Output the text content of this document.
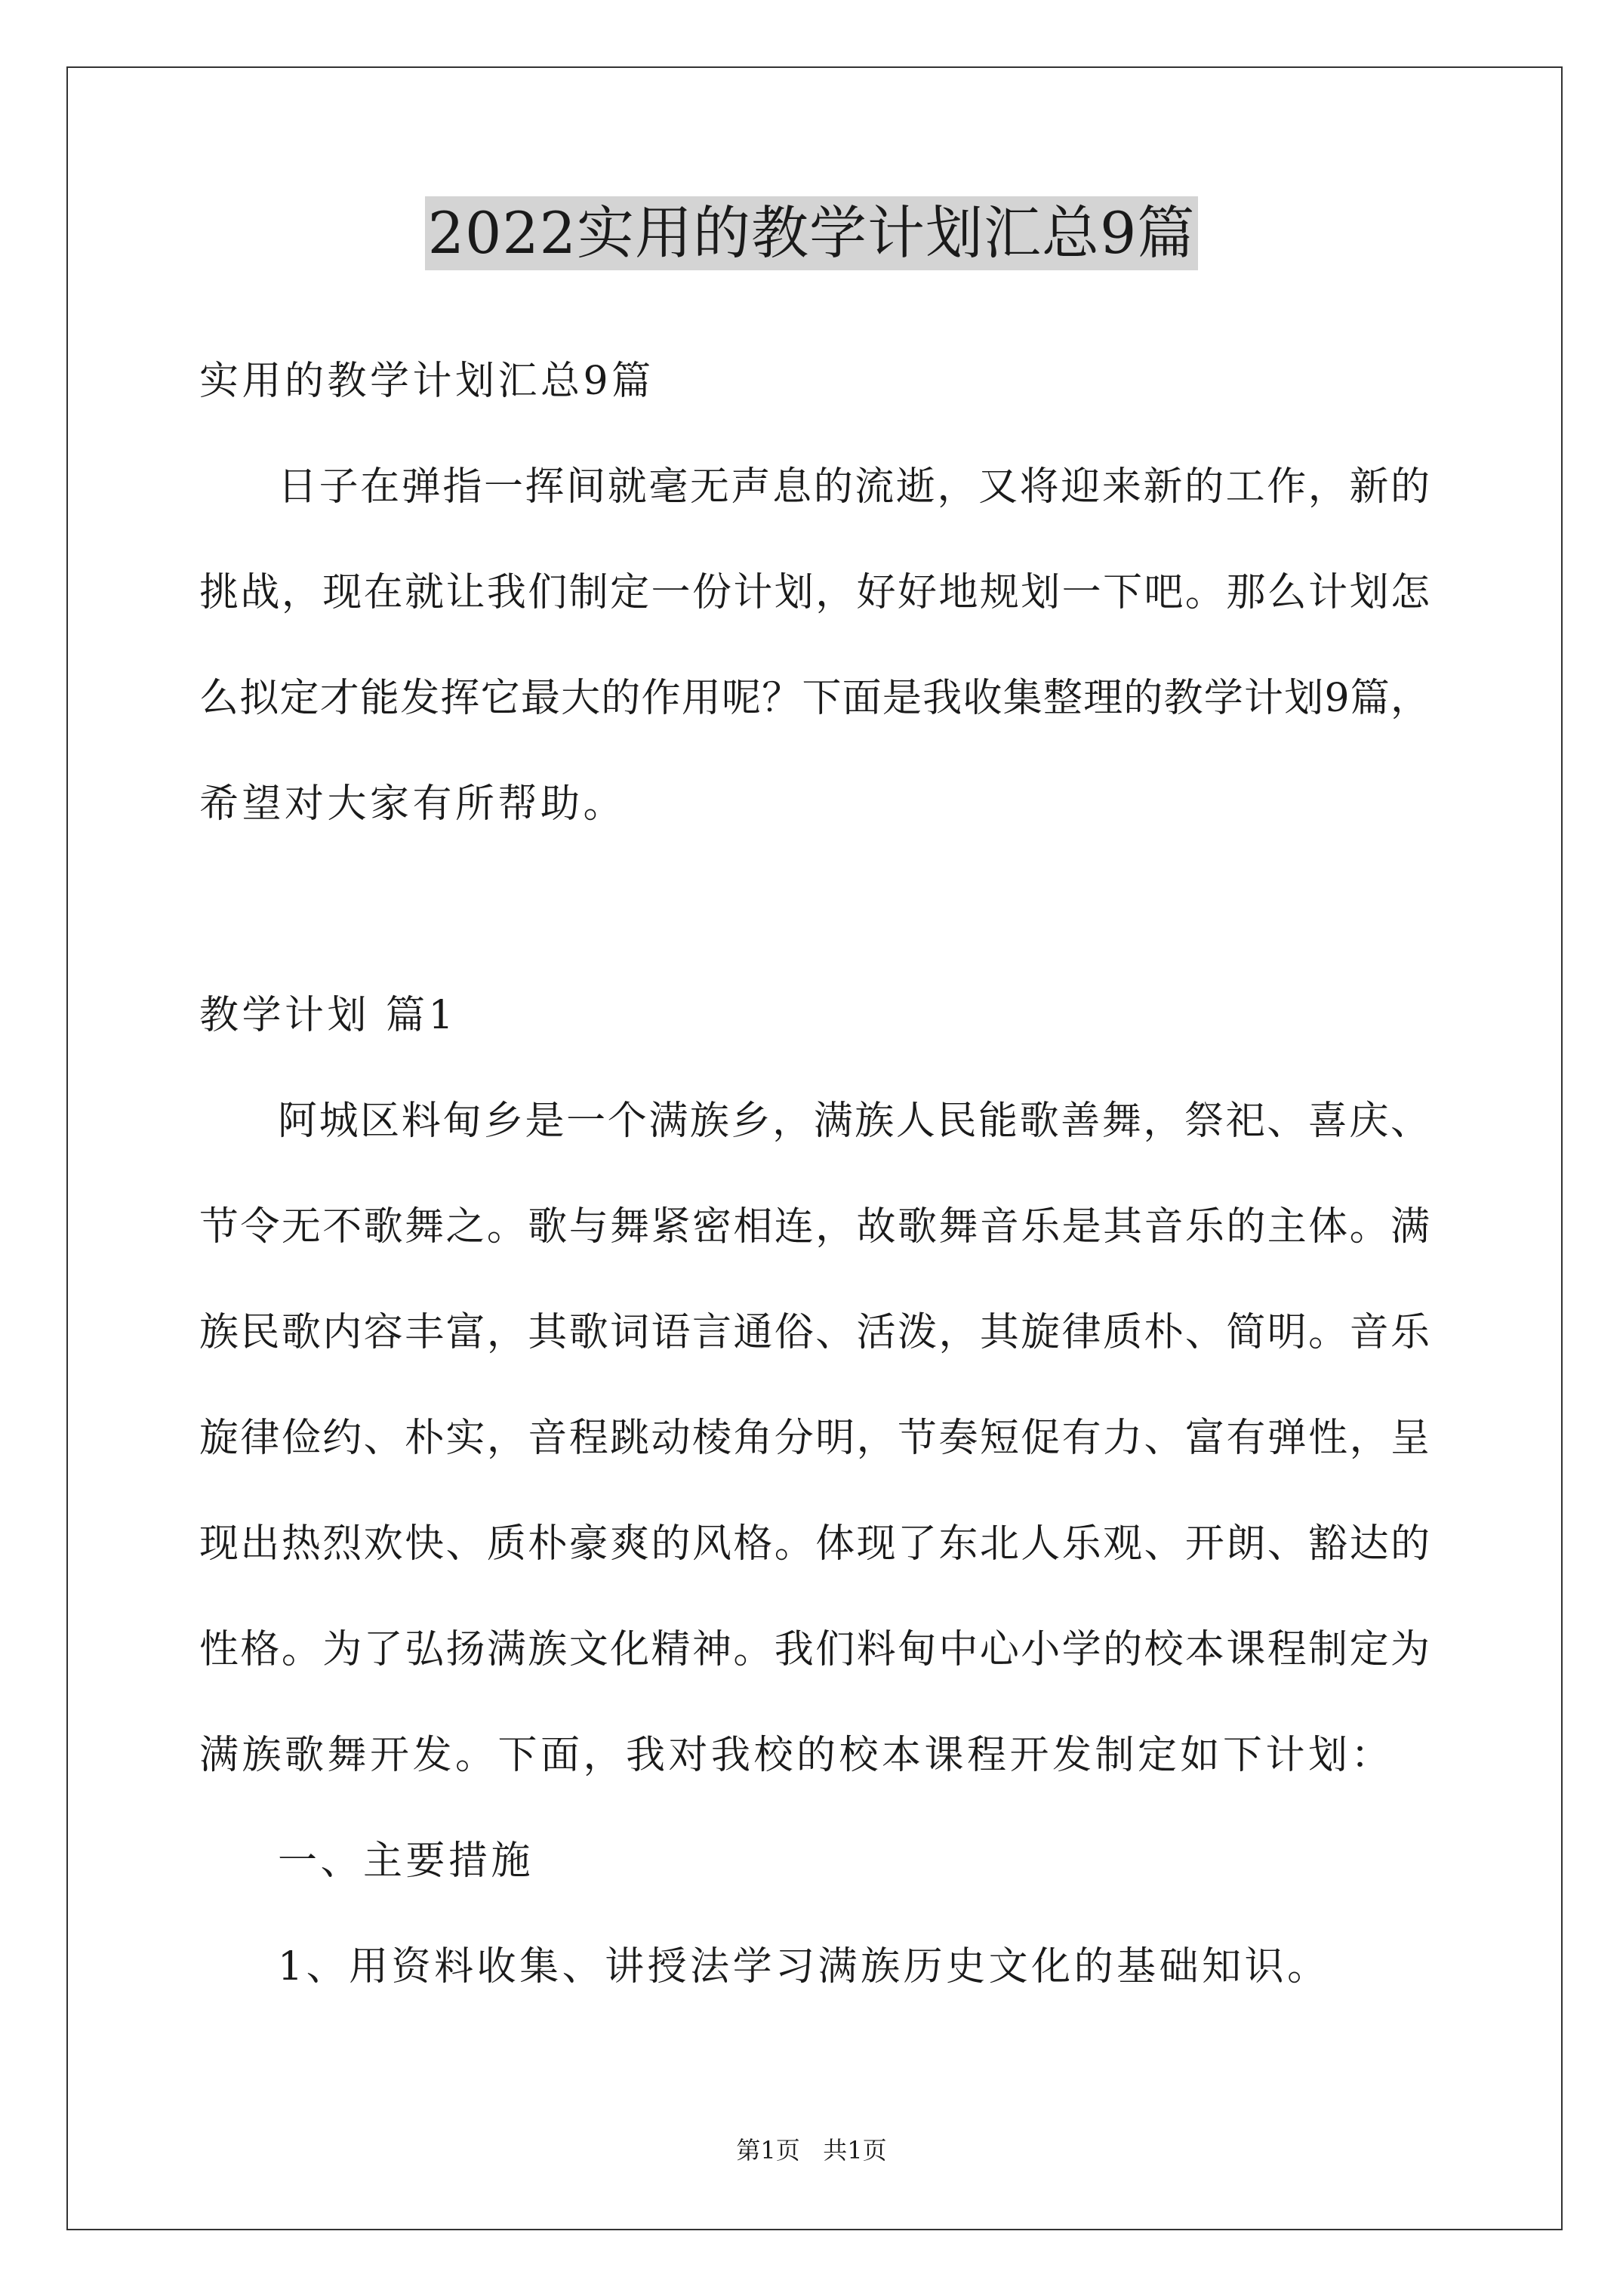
2022实用的教学计划汇总9篇
实用的教学计划汇总9篇
日子在弹指一挥间就毫无声息的流逝，又将迎来新的工作，新的
挑战，现在就让我们制定一份计划，好好地规划一下吧。那么计划怎
么拟定才能发挥它最大的作用呢？下面是我收集整理的教学计划9篇，
希望对大家有所帮助。
教学计划 篇1
阿城区料甸乡是一个满族乡，满族人民能歌善舞，祭祀、喜庆、
节令无不歌舞之。歌与舞紧密相连，故歌舞音乐是其音乐的主体。满
族民歌内容丰富，其歌词语言通俗、活泼，其旋律质朴、简明。音乐
旋律俭约、朴实，音程跳动棱角分明，节奏短促有力、富有弹性，呈
现出热烈欢快、质朴豪爽的风格。体现了东北人乐观、开朗、豁达的
性格。为了弘扬满族文化精神。我们料甸中心小学的校本课程制定为
满族歌舞开发。下面，我对我校的校本课程开发制定如下计划：
一、主要措施
1、用资料收集、讲授法学习满族历史文化的基础知识。
第1页   共1页
